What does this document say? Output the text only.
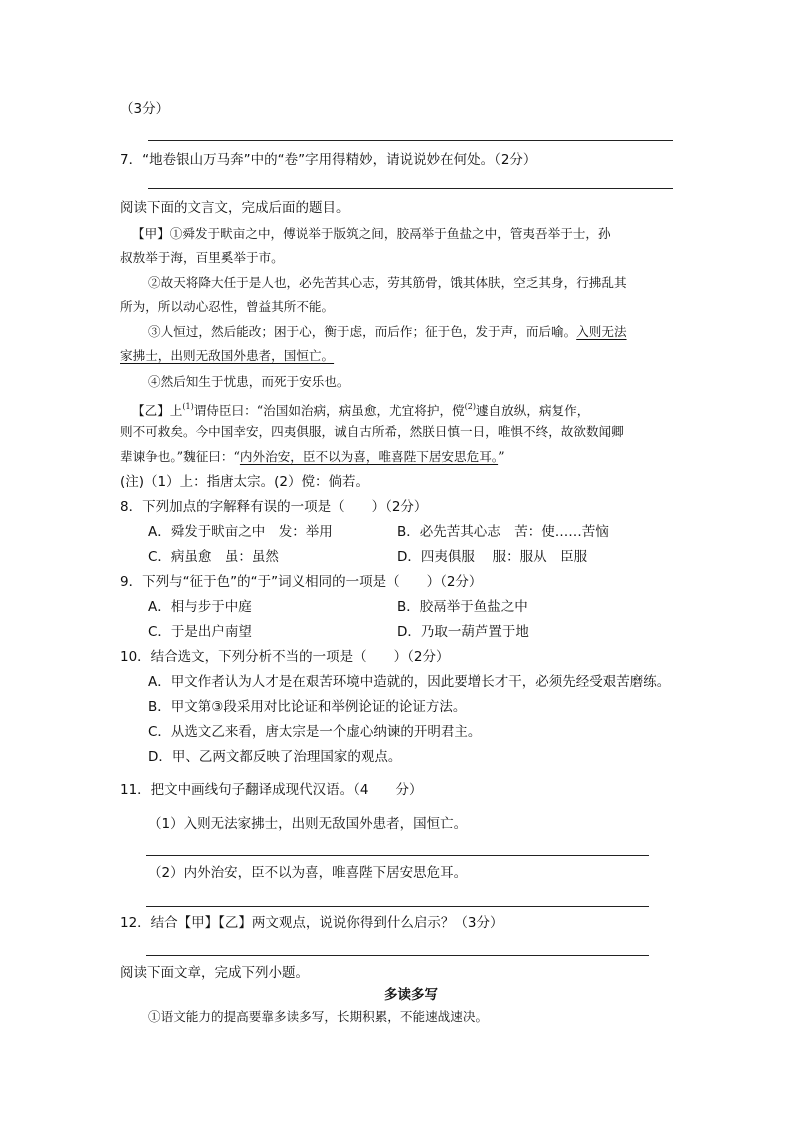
（3分）
7．“地卷银山万马奔”中的“卷”字用得精妙，请说说妙在何处。（2分）
阅读下面的文言文，完成后面的题目。
【甲】①舜发于畎亩之中，傅说举于版筑之间，胶鬲举于鱼盐之中，管夷吾举于士，孙
叔敖举于海，百里奚举于市。
②故天将降大任于是人也，必先苦其心志，劳其筋骨，饿其体肤，空乏其身，行拂乱其
所为，所以动心忍性，曾益其所不能。
③人恒过，然后能改；困于心，衡于虑，而后作；征于色，发于声，而后喻。入则无法
家拂士，出则无敌国外患者，国恒亡。
④然后知生于忧患，而死于安乐也。
【乙】上$^{(1)}$谓侍臣曰：“治国如治病，病虽愈，尤宜将护，傥$^{(2)}$遽自放纵，病复作，
则不可救矣。今中国幸安，四夷俱服，诚自古所希，然朕日慎一日，唯惧不终，故欲数闻卿
辈谏争也。”魏征曰：“内外治安，臣不以为喜，唯喜陛下居安思危耳。”
(注)（1）上：指唐太宗。(2）傥：倘若。
8．下列加点的字解释有误的一项是（　　）（2分）
A．舜发于畎亩之中　发：举用	B．必先苦其心志　苦：使……苦恼
C．病虽愈　虽：虽然	D．四夷俱服　 服：服从　臣服
9．下列与“征于色”的“于”词义相同的一项是（　　）（2分）
A．相与步于中庭	B．胶鬲举于鱼盐之中
C．于是出户南望	D．乃取一葫芦置于地
10．结合选文，下列分析不当的一项是（　　）（2分）
A．甲文作者认为人才是在艰苦环境中造就的，因此要增长才干，必须先经受艰苦磨练。
B．甲文第③段采用对比论证和举例论证的论证方法。
C．从选文乙来看，唐太宗是一个虚心纳谏的开明君主。
D．甲、乙两文都反映了治理国家的观点。
11．把文中画线句子翻译成现代汉语。（4　　分）
（1）入则无法家拂士，出则无敌国外患者，国恒亡。
（2）内外治安，臣不以为喜，唯喜陛下居安思危耳。
12．结合【甲】【乙】两文观点，说说你得到什么启示？（3分）
阅读下面文章，完成下列小题。
多读多写
①语文能力的提高要靠多读多写，长期积累，不能速战速决。
